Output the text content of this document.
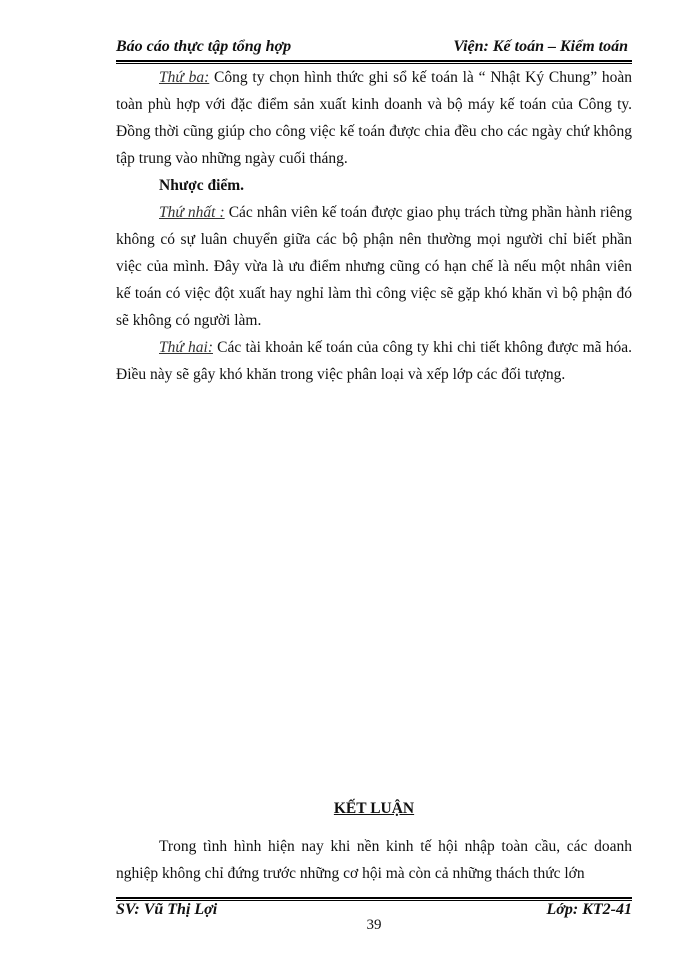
Báo cáo thực tập tổng hợp	Viện: Kế toán – Kiểm toán

Thứ ba: Công ty chọn hình thức ghi sổ kế toán là “ Nhật Ký Chung” hoàn toàn phù hợp với đặc điểm sản xuất kinh doanh và bộ máy kế toán của Công ty. Đồng thời cũng giúp cho công việc kế toán được chia đều cho các ngày chứ không tập trung vào những ngày cuối tháng.

Nhược điểm.

Thứ nhất : Các nhân viên kế toán được giao phụ trách từng phần hành riêng không có sự luân chuyển giữa các bộ phận nên thường mọi người chỉ biết phần việc của mình. Đây vừa là ưu điểm nhưng cũng có hạn chế là nếu một nhân viên kế toán có việc đột xuất hay nghỉ làm thì công việc sẽ gặp khó khăn vì bộ phận đó sẽ không có người làm.

Thứ hai: Các tài khoản kế toán của công ty khi chi tiết không được mã hóa. Điều này sẽ gây khó khăn trong việc phân loại và xếp lớp các đối tượng.

KẾT LUẬN

Trong tình hình hiện nay khi nền kinh tế hội nhập toàn cầu, các doanh nghiệp không chỉ đứng trước những cơ hội mà còn cả những thách thức lớn

SV: Vũ Thị Lợi	Lớp: KT2-41
39
